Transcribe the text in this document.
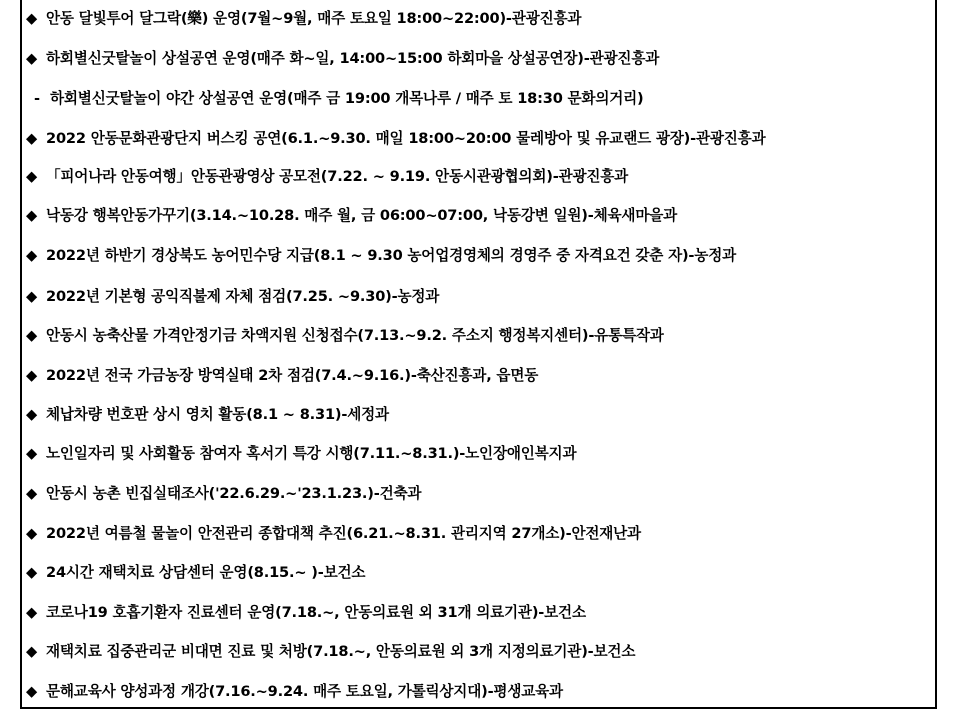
◆ 안동 달빛투어 달그락(樂) 운영(7월~9월, 매주 토요일 18:00~22:00)-관광진흥과
◆ 하회별신굿탈놀이 상설공연 운영(매주 화~일, 14:00~15:00 하회마을 상설공연장)-관광진흥과
- 하회별신굿탈놀이 야간 상설공연 운영(매주 금 19:00 개목나루 / 매주 토 18:30 문화의거리)
◆ 2022 안동문화관광단지 버스킹 공연(6.1.~9.30. 매일 18:00~20:00 물레방아 및 유교랜드 광장)-관광진흥과
◆ 「피어나라 안동여행」안동관광영상 공모전(7.22. ~ 9.19. 안동시관광협의회)-관광진흥과
◆ 낙동강 행복안동가꾸기(3.14.~10.28. 매주 월, 금 06:00~07:00, 낙동강변 일원)-체육새마을과
◆ 2022년 하반기 경상북도 농어민수당 지급(8.1 ~ 9.30 농어업경영체의 경영주 중 자격요건 갖춘 자)-농정과
◆ 2022년 기본형 공익직불제 자체 점검(7.25. ~9.30)-농정과
◆ 안동시 농축산물 가격안정기금 차액지원 신청접수(7.13.~9.2. 주소지 행정복지센터)-유통특작과
◆ 2022년 전국 가금농장 방역실태 2차 점검(7.4.~9.16.)-축산진흥과, 읍면동
◆ 체납차량 번호판 상시 영치 활동(8.1 ~ 8.31)-세정과
◆ 노인일자리 및 사회활동 참여자 혹서기 특강 시행(7.11.~8.31.)-노인장애인복지과
◆ 안동시 농촌 빈집실태조사('22.6.29.~'23.1.23.)-건축과
◆ 2022년 여름철 물놀이 안전관리 종합대책 추진(6.21.~8.31. 관리지역 27개소)-안전재난과
◆ 24시간 재택치료 상담센터 운영(8.15.~ )-보건소
◆ 코로나19 호흡기환자 진료센터 운영(7.18.~, 안동의료원 외 31개 의료기관)-보건소
◆ 재택치료 집중관리군 비대면 진료 및 처방(7.18.~, 안동의료원 외 3개 지정의료기관)-보건소
◆ 문해교육사 양성과정 개강(7.16.~9.24. 매주 토요일, 가톨릭상지대)-평생교육과
